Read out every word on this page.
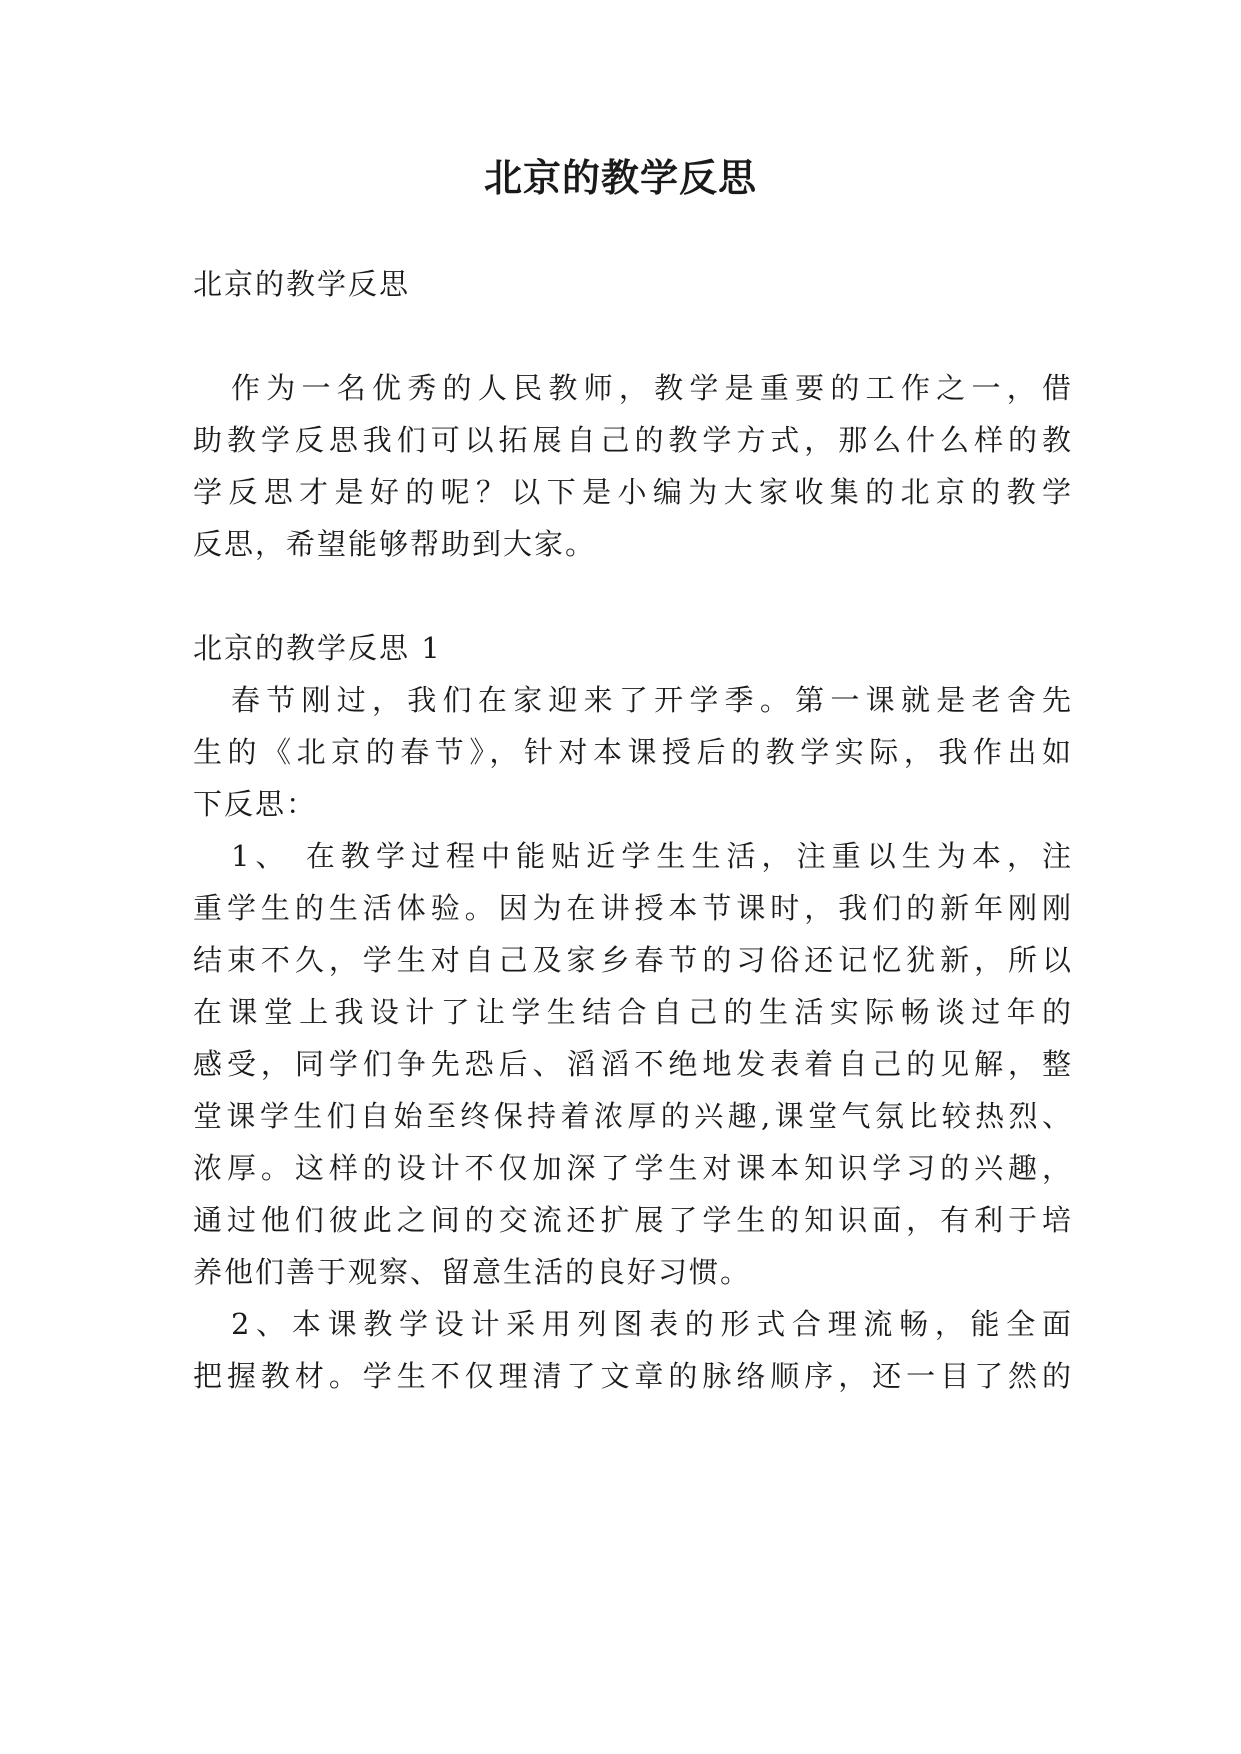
北京的教学反思
北京的教学反思
作为一名优秀的人民教师，教学是重要的工作之一，借
助教学反思我们可以拓展自己的教学方式，那么什么样的教
学反思才是好的呢？以下是小编为大家收集的北京的教学
反思，希望能够帮助到大家。
北京的教学反思 1
春节刚过，我们在家迎来了开学季。第一课就是老舍先
生的《北京的春节》，针对本课授后的教学实际，我作出如
下反思：
1、 在教学过程中能贴近学生生活，注重以生为本，注
重学生的生活体验。因为在讲授本节课时，我们的新年刚刚
结束不久，学生对自己及家乡春节的习俗还记忆犹新，所以
在课堂上我设计了让学生结合自己的生活实际畅谈过年的
感受，同学们争先恐后、滔滔不绝地发表着自己的见解，整
堂课学生们自始至终保持着浓厚的兴趣,课堂气氛比较热烈、
浓厚。这样的设计不仅加深了学生对课本知识学习的兴趣，
通过他们彼此之间的交流还扩展了学生的知识面，有利于培
养他们善于观察、留意生活的良好习惯。
2、本课教学设计采用列图表的形式合理流畅，能全面
把握教材。学生不仅理清了文章的脉络顺序，还一目了然的
